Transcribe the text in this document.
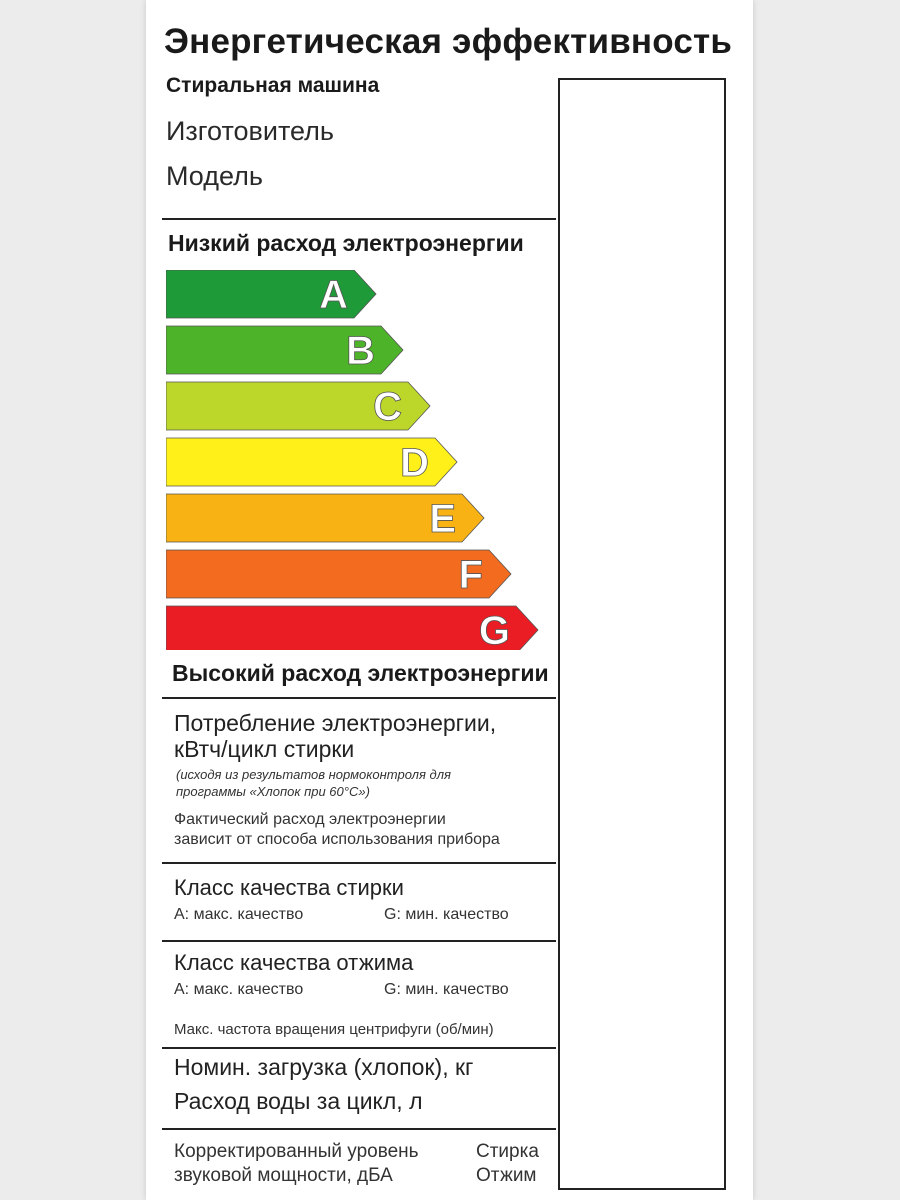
Энергетическая эффективность
Стиральная машина
Изготовитель
Модель
Низкий расход электроэнергии
A
B
C
D
E
F
G
Высокий расход электроэнергии
Потребление электроэнергии,
кВтч/цикл стирки
(исходя из результатов нормоконтроля для
программы «Хлопок при 60°С»)
Фактический расход электроэнергии
зависит от способа использования прибора
Класс качества стирки
A: макс. качество	G: мин. качество
Класс качества отжима
A: макс. качество	G: мин. качество
Макс. частота вращения центрифуги (об/мин)
Номин. загрузка (хлопок), кг
Расход воды за цикл, л
Корректированный уровень
звуковой мощности, дБА
Стирка
Отжим
